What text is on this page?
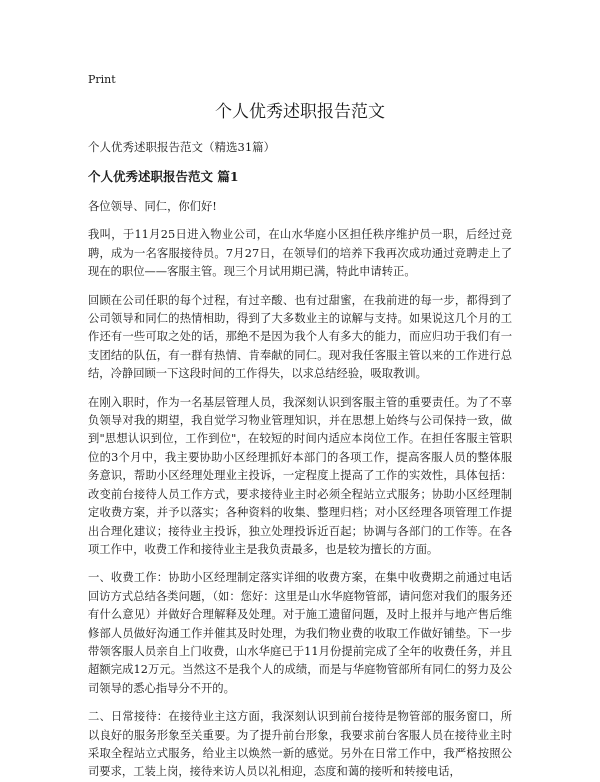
Print
个人优秀述职报告范文

个人优秀述职报告范文（精选31篇）

个人优秀述职报告范文 篇1

各位领导、同仁，你们好!

我叫，于11月25日进入物业公司，在山水华庭小区担任秩序维护员一职，后经过竞聘，成为一名客服接待员。7月27日，在领导们的培养下我再次成功通过竞聘走上了现在的职位——客服主管。现三个月试用期已满，特此申请转正。

回顾在公司任职的每个过程，有过辛酸、也有过甜蜜，在我前进的每一步，都得到了公司领导和同仁的热情相助，得到了大多数业主的谅解与支持。如果说这几个月的工作还有一些可取之处的话，那绝不是因为我个人有多大的能力，而应归功于我们有一支团结的队伍，有一群有热情、肯奉献的同仁。现对我任客服主管以来的工作进行总结，冷静回顾一下这段时间的工作得失，以求总结经验，吸取教训。

在刚入职时，作为一名基层管理人员，我深刻认识到客服主管的重要责任。为了不辜负领导对我的期望，我自觉学习物业管理知识，并在思想上始终与公司保持一致，做到"思想认识到位，工作到位"，在较短的时间内适应本岗位工作。在担任客服主管职位的3个月中，我主要协助小区经理抓好本部门的各项工作，提高客服人员的整体服务意识，帮助小区经理处理业主投诉，一定程度上提高了工作的实效性，具体包括：改变前台接待人员工作方式，要求接待业主时必须全程站立式服务；协助小区经理制定收费方案，并予以落实；各种资料的收集、整理归档；对小区经理各项管理工作提出合理化建议；接待业主投诉，独立处理投诉近百起；协调与各部门的工作等。在各项工作中，收费工作和接待业主是我负责最多，也是较为擅长的方面。

一、收费工作：协助小区经理制定落实详细的收费方案，在集中收费期之前通过电话回访方式总结各类问题，（如：您好：这里是山水华庭物管部，请问您对我们的服务还有什么意见）并做好合理解释及处理。对于施工遗留问题，及时上报并与地产售后维修部人员做好沟通工作并催其及时处理，为我们物业费的收取工作做好铺垫。下一步带领客服人员亲自上门收费，山水华庭已于11月份提前完成了全年的收费任务，并且超额完成12万元。当然这不是我个人的成绩，而是与华庭物管部所有同仁的努力及公司领导的悉心指导分不开的。

二、日常接待：在接待业主这方面，我深刻认识到前台接待是物管部的服务窗口，所以良好的服务形象至关重要。为了提升前台形象，我要求前台客服人员在接待业主时采取全程站立式服务，给业主以焕然一新的感觉。另外在日常工作中，我严格按照公司要求，工装上岗，接待来访人员以礼相迎，态度和蔼的接听和转接电话，
